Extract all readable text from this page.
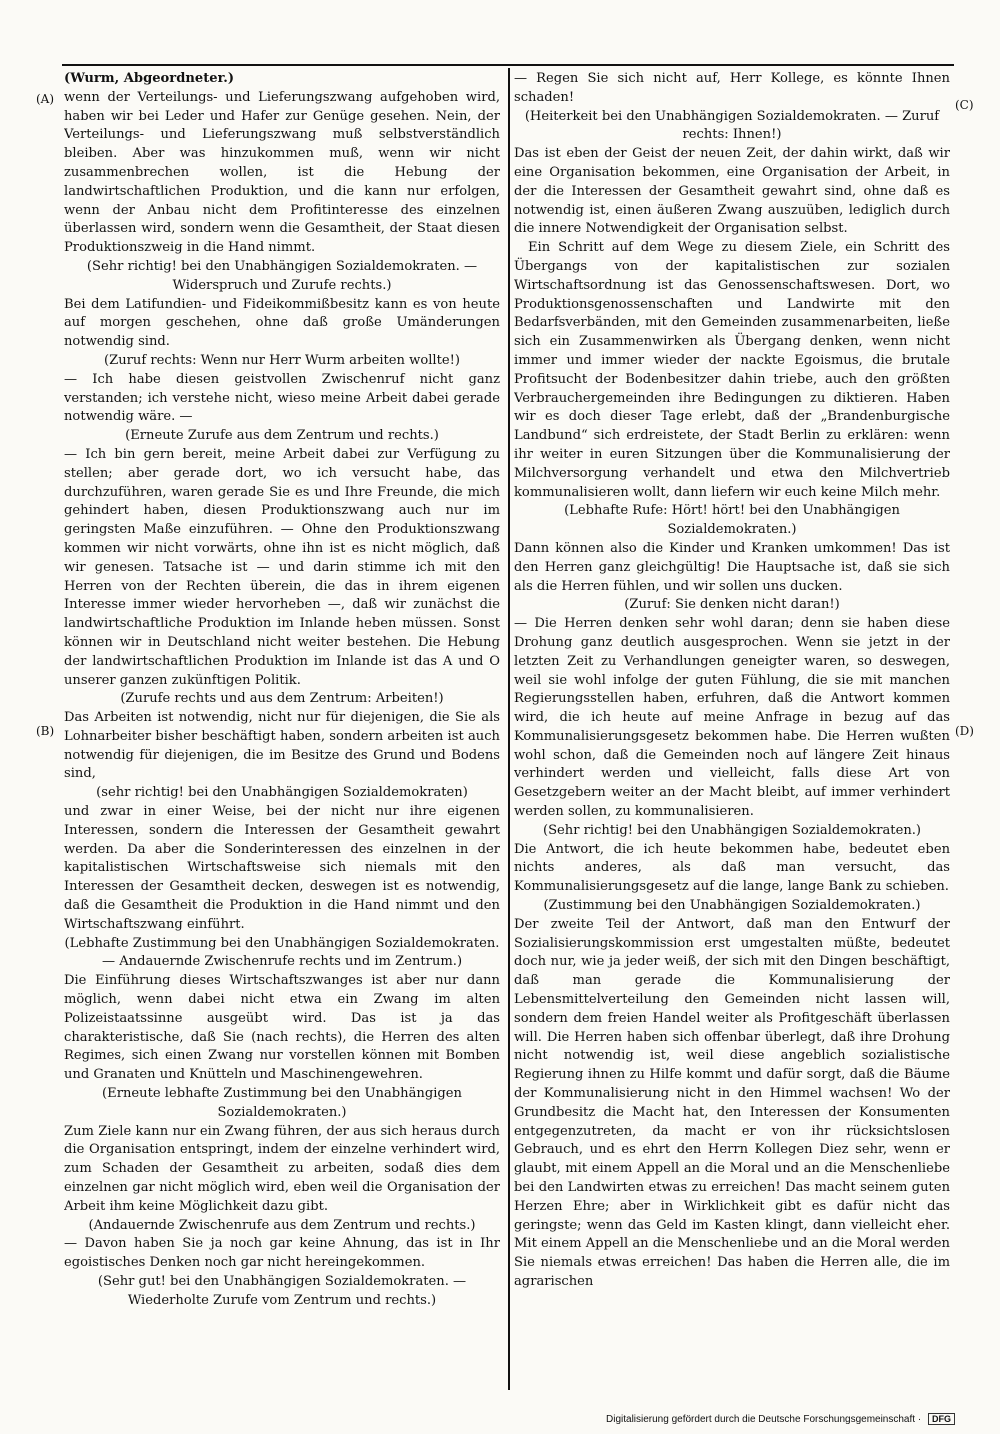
(A)
(B)
(C)
(D)

(Wurm, Abgeordneter.)

wenn der Verteilungs- und Lieferungszwang aufgehoben wird, haben wir bei Leder und Hafer zur Genüge gesehen. Nein, der Verteilungs- und Lieferungszwang muß selbstverständlich bleiben. Aber was hinzukommen muß, wenn wir nicht zusammenbrechen wollen, ist die Hebung der landwirtschaftlichen Produktion, und die kann nur erfolgen, wenn der Anbau nicht dem Profitinteresse des einzelnen überlassen wird, sondern wenn die Gesamtheit, der Staat diesen Produktionszweig in die Hand nimmt.

(Sehr richtig! bei den Unabhängigen Sozialdemokraten. — Widerspruch und Zurufe rechts.)

Bei dem Latifundien- und Fideikommißbesitz kann es von heute auf morgen geschehen, ohne daß große Umänderungen notwendig sind.

(Zuruf rechts: Wenn nur Herr Wurm arbeiten wollte!)

— Ich habe diesen geistvollen Zwischenruf nicht ganz verstanden; ich verstehe nicht, wieso meine Arbeit dabei gerade notwendig wäre. —

(Erneute Zurufe aus dem Zentrum und rechts.)

— Ich bin gern bereit, meine Arbeit dabei zur Verfügung zu stellen; aber gerade dort, wo ich versucht habe, das durchzuführen, waren gerade Sie es und Ihre Freunde, die mich gehindert haben, diesen Produktionszwang auch nur im geringsten Maße einzuführen. — Ohne den Produktionszwang kommen wir nicht vorwärts, ohne ihn ist es nicht möglich, daß wir genesen. Tatsache ist — und darin stimme ich mit den Herren von der Rechten überein, die das in ihrem eigenen Interesse immer wieder hervorheben —, daß wir zunächst die landwirtschaftliche Produktion im Inlande heben müssen. Sonst können wir in Deutschland nicht weiter bestehen. Die Hebung der landwirtschaftlichen Produktion im Inlande ist das A und O unserer ganzen zukünftigen Politik.

(Zurufe rechts und aus dem Zentrum: Arbeiten!)

Das Arbeiten ist notwendig, nicht nur für diejenigen, die Sie als Lohnarbeiter bisher beschäftigt haben, sondern arbeiten ist auch notwendig für diejenigen, die im Besitze des Grund und Bodens sind,

(sehr richtig! bei den Unabhängigen Sozialdemokraten)

und zwar in einer Weise, bei der nicht nur ihre eigenen Interessen, sondern die Interessen der Gesamtheit gewahrt werden. Da aber die Sonderinteressen des einzelnen in der kapitalistischen Wirtschaftsweise sich niemals mit den Interessen der Gesamtheit decken, deswegen ist es notwendig, daß die Gesamtheit die Produktion in die Hand nimmt und den Wirtschaftszwang einführt.

(Lebhafte Zustimmung bei den Unabhängigen Sozialdemokraten. — Andauernde Zwischenrufe rechts und im Zentrum.)

Die Einführung dieses Wirtschaftszwanges ist aber nur dann möglich, wenn dabei nicht etwa ein Zwang im alten Polizeistaatssinne ausgeübt wird. Das ist ja das charakteristische, daß Sie (nach rechts), die Herren des alten Regimes, sich einen Zwang nur vorstellen können mit Bomben und Granaten und Knütteln und Maschinengewehren.

(Erneute lebhafte Zustimmung bei den Unabhängigen Sozialdemokraten.)

Zum Ziele kann nur ein Zwang führen, der aus sich heraus durch die Organisation entspringt, indem der einzelne verhindert wird, zum Schaden der Gesamtheit zu arbeiten, sodaß dies dem einzelnen gar nicht möglich wird, eben weil die Organisation der Arbeit ihm keine Möglichkeit dazu gibt.

(Andauernde Zwischenrufe aus dem Zentrum und rechts.)

— Davon haben Sie ja noch gar keine Ahnung, das ist in Ihr egoistisches Denken noch gar nicht hereingekommen.

(Sehr gut! bei den Unabhängigen Sozialdemokraten. — Wiederholte Zurufe vom Zentrum und rechts.)

— Regen Sie sich nicht auf, Herr Kollege, es könnte Ihnen schaden!

(Heiterkeit bei den Unabhängigen Sozialdemokraten. — Zuruf rechts: Ihnen!)

Das ist eben der Geist der neuen Zeit, der dahin wirkt, daß wir eine Organisation bekommen, eine Organisation der Arbeit, in der die Interessen der Gesamtheit gewahrt sind, ohne daß es notwendig ist, einen äußeren Zwang auszuüben, lediglich durch die innere Notwendigkeit der Organisation selbst.

Ein Schritt auf dem Wege zu diesem Ziele, ein Schritt des Übergangs von der kapitalistischen zur sozialen Wirtschaftsordnung ist das Genossenschaftswesen. Dort, wo Produktionsgenossenschaften und Landwirte mit den Bedarfsverbänden, mit den Gemeinden zusammenarbeiten, ließe sich ein Zusammenwirken als Übergang denken, wenn nicht immer und immer wieder der nackte Egoismus, die brutale Profitsucht der Bodenbesitzer dahin triebe, auch den größten Verbrauchergemeinden ihre Bedingungen zu diktieren. Haben wir es doch dieser Tage erlebt, daß der „Brandenburgische Landbund“ sich erdreistete, der Stadt Berlin zu erklären: wenn ihr weiter in euren Sitzungen über die Kommunalisierung der Milchversorgung verhandelt und etwa den Milchvertrieb kommunalisieren wollt, dann liefern wir euch keine Milch mehr.

(Lebhafte Rufe: Hört! hört! bei den Unabhängigen Sozialdemokraten.)

Dann können also die Kinder und Kranken umkommen! Das ist den Herren ganz gleichgültig! Die Hauptsache ist, daß sie sich als die Herren fühlen, und wir sollen uns ducken.

(Zuruf: Sie denken nicht daran!)

— Die Herren denken sehr wohl daran; denn sie haben diese Drohung ganz deutlich ausgesprochen. Wenn sie jetzt in der letzten Zeit zu Verhandlungen geneigter waren, so deswegen, weil sie wohl infolge der guten Fühlung, die sie mit manchen Regierungsstellen haben, erfuhren, daß die Antwort kommen wird, die ich heute auf meine Anfrage in bezug auf das Kommunalisierungsgesetz bekommen habe. Die Herren wußten wohl schon, daß die Gemeinden noch auf längere Zeit hinaus verhindert werden und vielleicht, falls diese Art von Gesetzgebern weiter an der Macht bleibt, auf immer verhindert werden sollen, zu kommunalisieren.

(Sehr richtig! bei den Unabhängigen Sozialdemokraten.)

Die Antwort, die ich heute bekommen habe, bedeutet eben nichts anderes, als daß man versucht, das Kommunalisierungsgesetz auf die lange, lange Bank zu schieben.

(Zustimmung bei den Unabhängigen Sozialdemokraten.)

Der zweite Teil der Antwort, daß man den Entwurf der Sozialisierungskommission erst umgestalten müßte, bedeutet doch nur, wie ja jeder weiß, der sich mit den Dingen beschäftigt, daß man gerade die Kommunalisierung der Lebensmittelverteilung den Gemeinden nicht lassen will, sondern dem freien Handel weiter als Profitgeschäft überlassen will. Die Herren haben sich offenbar überlegt, daß ihre Drohung nicht notwendig ist, weil diese angeblich sozialistische Regierung ihnen zu Hilfe kommt und dafür sorgt, daß die Bäume der Kommunalisierung nicht in den Himmel wachsen! Wo der Grundbesitz die Macht hat, den Interessen der Konsumenten entgegenzutreten, da macht er von ihr rücksichtslosen Gebrauch, und es ehrt den Herrn Kollegen Diez sehr, wenn er glaubt, mit einem Appell an die Moral und an die Menschenliebe bei den Landwirten etwas zu erreichen! Das macht seinem guten Herzen Ehre; aber in Wirklichkeit gibt es dafür nicht das geringste; wenn das Geld im Kasten klingt, dann vielleicht eher. Mit einem Appell an die Menschenliebe und an die Moral werden Sie niemals etwas erreichen! Das haben die Herren alle, die im agrarischen

Digitalisierung gefördert durch die Deutsche Forschungsgemeinschaft · DFG
